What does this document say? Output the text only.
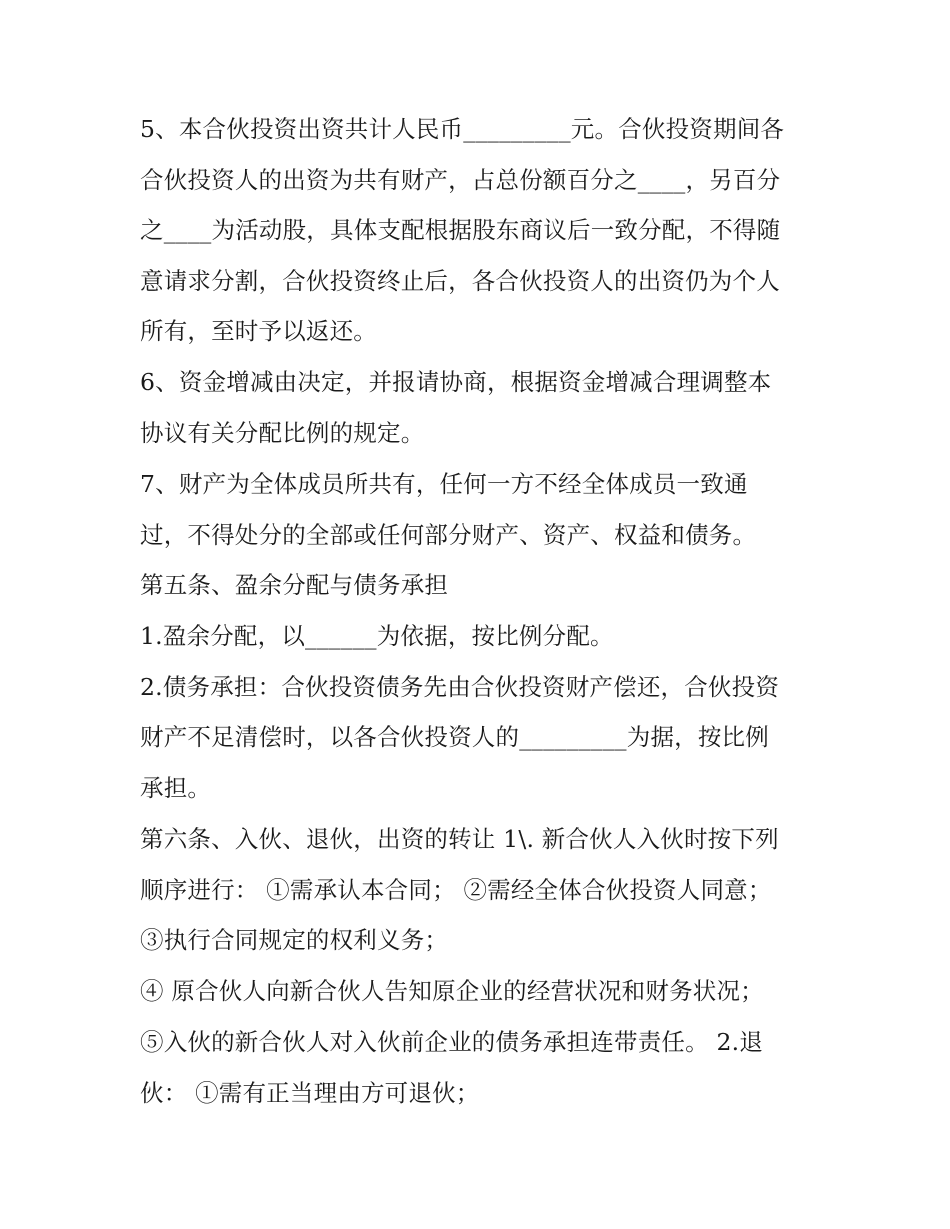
5、本合伙投资出资共计人民币_________元。合伙投资期间各
合伙投资人的出资为共有财产，占总份额百分之____，另百分
之____为活动股，具体支配根据股东商议后一致分配，不得随
意请求分割，合伙投资终止后，各合伙投资人的出资仍为个人
所有，至时予以返还。
6、资金增减由决定，并报请协商，根据资金增减合理调整本
协议有关分配比例的规定。
7、财产为全体成员所共有，任何一方不经全体成员一致通
过，不得处分的全部或任何部分财产、资产、权益和债务。
第五条、盈余分配与债务承担
1.盈余分配，以______为依据，按比例分配。
2.债务承担：合伙投资债务先由合伙投资财产偿还，合伙投资
财产不足清偿时，以各合伙投资人的_________为据，按比例
承担。
第六条、入伙、退伙，出资的转让 1\. 新合伙人入伙时按下列
顺序进行： ①需承认本合同； ②需经全体合伙投资人同意；
③执行合同规定的权利义务；
④ 原合伙人向新合伙人告知原企业的经营状况和财务状况；
⑤入伙的新合伙人对入伙前企业的债务承担连带责任。 2.退
伙： ①需有正当理由方可退伙；
